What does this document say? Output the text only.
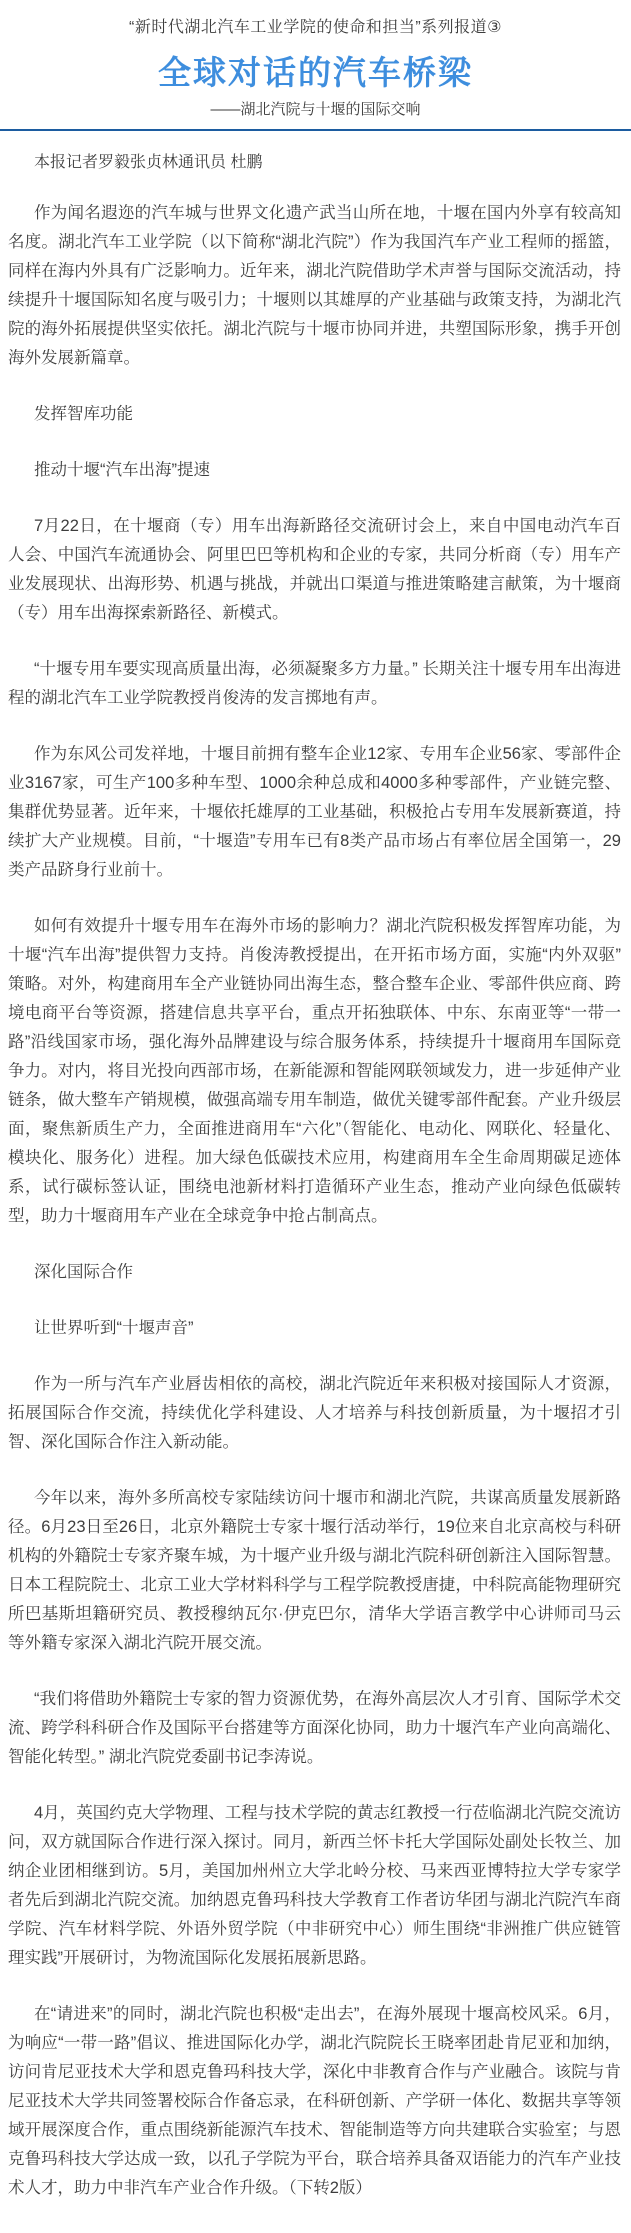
“新时代湖北汽车工业学院的使命和担当”系列报道③
全球对话的汽车桥梁
——湖北汽院与十堰的国际交响
本报记者罗毅张贞林通讯员 杜鹏

作为闻名遐迩的汽车城与世界文化遗产武当山所在地，十堰在国内外享有较高知名度。湖北汽车工业学院（以下简称“湖北汽院”）作为我国汽车产业工程师的摇篮，同样在海内外具有广泛影响力。近年来，湖北汽院借助学术声誉与国际交流活动，持续提升十堰国际知名度与吸引力；十堰则以其雄厚的产业基础与政策支持，为湖北汽院的海外拓展提供坚实依托。湖北汽院与十堰市协同并进，共塑国际形象，携手开创海外发展新篇章。

发挥智库功能

推动十堰“汽车出海”提速

7月22日，在十堰商（专）用车出海新路径交流研讨会上，来自中国电动汽车百人会、中国汽车流通协会、阿里巴巴等机构和企业的专家，共同分析商（专）用车产业发展现状、出海形势、机遇与挑战，并就出口渠道与推进策略建言献策，为十堰商（专）用车出海探索新路径、新模式。

“十堰专用车要实现高质量出海，必须凝聚多方力量。” 长期关注十堰专用车出海进程的湖北汽车工业学院教授肖俊涛的发言掷地有声。

作为东风公司发祥地，十堰目前拥有整车企业12家、专用车企业56家、零部件企业3167家，可生产100多种车型、1000余种总成和4000多种零部件，产业链完整、集群优势显著。近年来，十堰依托雄厚的工业基础，积极抢占专用车发展新赛道，持续扩大产业规模。目前，“十堰造”专用车已有8类产品市场占有率位居全国第一，29类产品跻身行业前十。

如何有效提升十堰专用车在海外市场的影响力？湖北汽院积极发挥智库功能，为十堰“汽车出海”提供智力支持。肖俊涛教授提出，在开拓市场方面，实施“内外双驱”策略。对外，构建商用车全产业链协同出海生态，整合整车企业、零部件供应商、跨境电商平台等资源，搭建信息共享平台，重点开拓独联体、中东、东南亚等“一带一路”沿线国家市场，强化海外品牌建设与综合服务体系，持续提升十堰商用车国际竞争力。对内，将目光投向西部市场，在新能源和智能网联领域发力，进一步延伸产业链条，做大整车产销规模，做强高端专用车制造，做优关键零部件配套。产业升级层面，聚焦新质生产力，全面推进商用车“六化”（智能化、电动化、网联化、轻量化、模块化、服务化）进程。加大绿色低碳技术应用，构建商用车全生命周期碳足迹体系，试行碳标签认证，围绕电池新材料打造循环产业生态，推动产业向绿色低碳转型，助力十堰商用车产业在全球竞争中抢占制高点。

深化国际合作

让世界听到“十堰声音”

作为一所与汽车产业唇齿相依的高校，湖北汽院近年来积极对接国际人才资源，拓展国际合作交流，持续优化学科建设、人才培养与科技创新质量，为十堰招才引智、深化国际合作注入新动能。

今年以来，海外多所高校专家陆续访问十堰市和湖北汽院，共谋高质量发展新路径。6月23日至26日，北京外籍院士专家十堰行活动举行，19位来自北京高校与科研机构的外籍院士专家齐聚车城，为十堰产业升级与湖北汽院科研创新注入国际智慧。日本工程院院士、北京工业大学材料科学与工程学院教授唐捷，中科院高能物理研究所巴基斯坦籍研究员、教授穆纳瓦尔·伊克巴尔，清华大学语言教学中心讲师司马云等外籍专家深入湖北汽院开展交流。

“我们将借助外籍院士专家的智力资源优势，在海外高层次人才引育、国际学术交流、跨学科科研合作及国际平台搭建等方面深化协同，助力十堰汽车产业向高端化、智能化转型。” 湖北汽院党委副书记李涛说。

4月，英国约克大学物理、工程与技术学院的黄志红教授一行莅临湖北汽院交流访问，双方就国际合作进行深入探讨。同月，新西兰怀卡托大学国际处副处长牧兰、加纳企业团相继到访。5月，美国加州州立大学北岭分校、马来西亚博特拉大学专家学者先后到湖北汽院交流。加纳恩克鲁玛科技大学教育工作者访华团与湖北汽院汽车商学院、汽车材料学院、外语外贸学院（中非研究中心）师生围绕“非洲推广供应链管理实践”开展研讨，为物流国际化发展拓展新思路。

在“请进来”的同时，湖北汽院也积极“走出去”，在海外展现十堰高校风采。6月，为响应“一带一路”倡议、推进国际化办学，湖北汽院院长王晓率团赴肯尼亚和加纳，访问肯尼亚技术大学和恩克鲁玛科技大学，深化中非教育合作与产业融合。该院与肯尼亚技术大学共同签署校际合作备忘录，在科研创新、产学研一体化、数据共享等领域开展深度合作，重点围绕新能源汽车技术、智能制造等方向共建联合实验室；与恩克鲁玛科技大学达成一致，以孔子学院为平台，联合培养具备双语能力的汽车产业技术人才，助力中非汽车产业合作升级。（下转2版）
